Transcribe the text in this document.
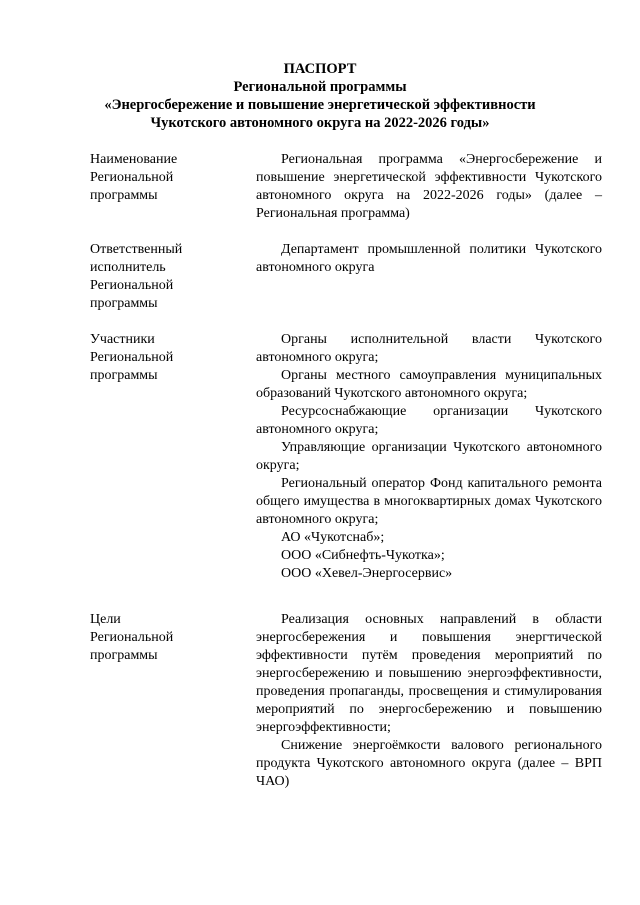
ПАСПОРТ
Региональной программы
«Энергосбережение и повышение энергетической эффективности
Чукотского автономного округа на 2022-2026 годы»
Наименование
Региональной
программы
Региональная программа «Энергосбережение и повышение энергетической эффективности Чукотского автономного округа на 2022-2026 годы» (далее – Региональная программа)
Ответственный
исполнитель
Региональной
программы
Департамент промышленной политики Чукотского автономного округа
Участники
Региональной
программы
Органы исполнительной власти Чукотского автономного округа;
Органы местного самоуправления муниципальных образований Чукотского автономного округа;
Ресурсоснабжающие организации Чукотского автономного округа;
Управляющие организации Чукотского автономного округа;
Региональный оператор Фонд капитального ремонта общего имущества в многоквартирных домах Чукотского автономного округа;
АО «Чукотснаб»;
ООО «Сибнефть-Чукотка»;
ООО «Хевел-Энергосервис»
Цели
Региональной
программы
Реализация основных направлений в области энергосбережения и повышения энергтической эффективности путём проведения мероприятий по энергосбережению и повышению энергоэффективности, проведения пропаганды, просвещения и стимулирования мероприятий по энергосбережению и повышению энергоэффективности;
Снижение энергоёмкости валового регионального продукта Чукотского автономного округа (далее – ВРП ЧАО)
